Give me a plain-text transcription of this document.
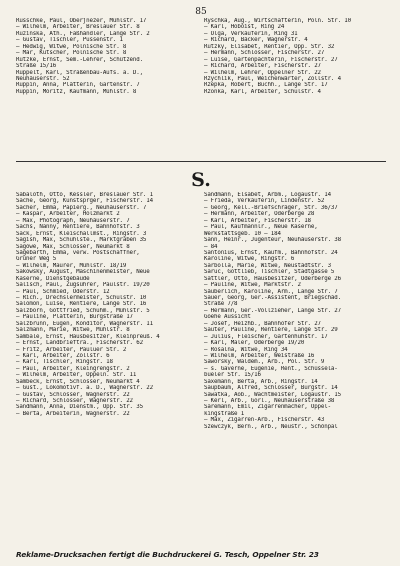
85
Russchke, Paul, Oberjnezer, Mühlstr. 17
— Wilhelm, Arbeiter, Breslauer Str. 8
Ruzinska, Ath., Faßhändler, Lange Str. 2
— Gustav, Tischler, Pussenstr. 1
— Hedwig, Witwe, Polnische Str. 8
— Mar, Kutscher, Polnische Str. 8
Rutzke, Ernst, Sem.-Lehrer, Schützend.
Straße 15/16
Ruppelt, Karl, Straßenbau-Aufs. a. D.,
Neuhäuserstr. 52
Ruppin, Anna, Plätterin, Gartenstr. 7
Ruppin, Moritz, Kaufmann, Mühlstr. 8
Ryschka, Aug., Wirtschafterin, Poln. Str. 10
— Karl, Hoboist, Ring 24
— Olga, Verkäuferin, Ring 31
— Richard, Bäcker, Wagnerstr. 4
Rutzky, Elisabet, Rentier, Opp. Str. 32
— Hermann, Schlosser, Fischerstr. 27
— Luise, Gartenpächterin, Fischerstr. 27
— Richard, Arbeiter, Fischerstr. 27
— Wilhelm, Lehrer, Oppelner Str. 22
Rzychlik, Paul, Weichenwärter, Zollstr. 4
Rzepka, Robert, Buchh., Lange Str. 17
Rzonka, Karl, Arbeiter, Schulstr. 4
S.
Sabaloth, Otto, Kessler, Breslauer Str. 1
Sache, Georg, Kunstsprger, Fischerstr. 14
Sacher, Emma, Papierg., Neuhäuserstr. 7
— Kaspar, Arbeiter, Holzmarkt 2
— Max, Photograph, Neuhäuserstr. 7
Sachs, Nanny, Rentiere, Bahnhofstr. 3
Sack, Ernst, Kleischallmst., Ringstr. 3
Sagish, Max, Schuhlste., Marktgraben 35
Sagowe, Max, Schlosser, Neumarkt 8
Sägebarth, Emma, verw. Postschaffner,
Grüner Weg 5
— Wilhelm, Maurer, Mühlstr. 18/19
Sakowsky, August, Maschinenmeister, Neue
Kaserne, Dienstgebäude
Salisch, Paul, Zugsührer, Paulstr. 19/20
— Paul, Schmied, Oderstr. 12
— Rich., Drechslermeister, Schulstr. 10
Salomon, Luise, Rentiere, Lange Str. 16
Salzborn, Gottfried, Schuhm., Mühlstr. 5
— Pauline, Plätterin, Burgstraße 17
Salzbrunn, Eugen, Konditor, Wagnerstr. 11
Salzmann, Marie, Witwe, Mühlstr. 8
Sambale, Ernst, Hausbesitzer, Kleinpreuß. 4
— Ernst, Landbriefträ., Fischerstr. 62
— Fritz, Arbeiter, Pauluer Str. 2
— Karl, Arbeiter, Zollstr. 6
— Karl, Tischler, Ringstr. 18
— Paul, Arbeiter, Kleingrengstr. 2
— Wilhelm, Arbeiter, Oppeln. Str. 11
Sambeck, Ernst, Schlosser, Neumarkt 4
— Gust., Lokomotivf. a. D., Wagnerstr. 22
— Gustav, Schlosser, Wagnerstr. 22
— Richard, Schlosser, Wagnerstr. 22
Sandmann, Anna, Dienstm., Opp. Str. 35
— Berta, Arbeiterin, Wagnerstr. 22
Sandmann, Elsabet, Arbm., Logaustr. 14
— Frieda, Verkäuferin, Lindenstr. 52
— Georg, Kell.-Briefschräger, Str. 36/37
— Hermann, Arbeiter, Oderberge 28
— Karl, Arbeiter, Fischerstr. 18
— Paul, Kaufmannlr., Neue Kaserne,
Werkstattsgeb. 10 — 184
Sann, Heinr., Jugenteur, Neuhäuserstr. 38
— 84
Santonius, Ernst, Kaufm., Bahnhofstr. 24
Karoline, Witwe, Ringstr. 6
Sarbolla, Marie, Witwe, Neustädtstr. 3
Saruc, Gottlieb, Tischler, Stadtgasse 5
Sattler, Otto, Hausbesitzer, Oderberge 26
— Pauline, Witwe, Marktstr. 2
Säuberlich, Karoline, Arm., Lange Str. 7
Sauer, Georg, Ger.-Assistent, Briegschäd.
Straße 7/8
— Hermann, Ger.-Vollzieher, Lange Str. 27
Goehe Aussicht
— Josef, Heizhb., Bahnhofer Str. 27
Sauter, Pauline, Rentiere, Lange Str. 29
— Julius, Fleischer, Gartenhuhstr. 17
— Karl, Maler, Oderberge 19/20
— Rosalna, Witwe, Ring 34
— Wilhelm, Arbeiter, Weistraße 16
Saworsky, Waldem., Arb., Pol. Str. 9
— s. Gaverne, Eugenie, Rent., Schüssela-
bueler Str. 15/16
Saxemann, Berta, Arb., Ringstr. 14
Saupbaum, Alfred, Schlosser, Burgstr. 14
Sawatka, Aob., Wachtmeister, Logaustr. 15
— Kerl, Arb., Gorl., Neuhäuserstraße 38
Saremann, Emil, Zigarrenmacher, Oppel-
kingstraße 1
— Max, Zigarren-Arb., Fischerstr. 43
Szewczyk, Bern., Arb., Neustr., Schönpal
Reklame-Drucksachen fertigt die Buchdruckerei G. Tesch, Oppelner Str. 23
